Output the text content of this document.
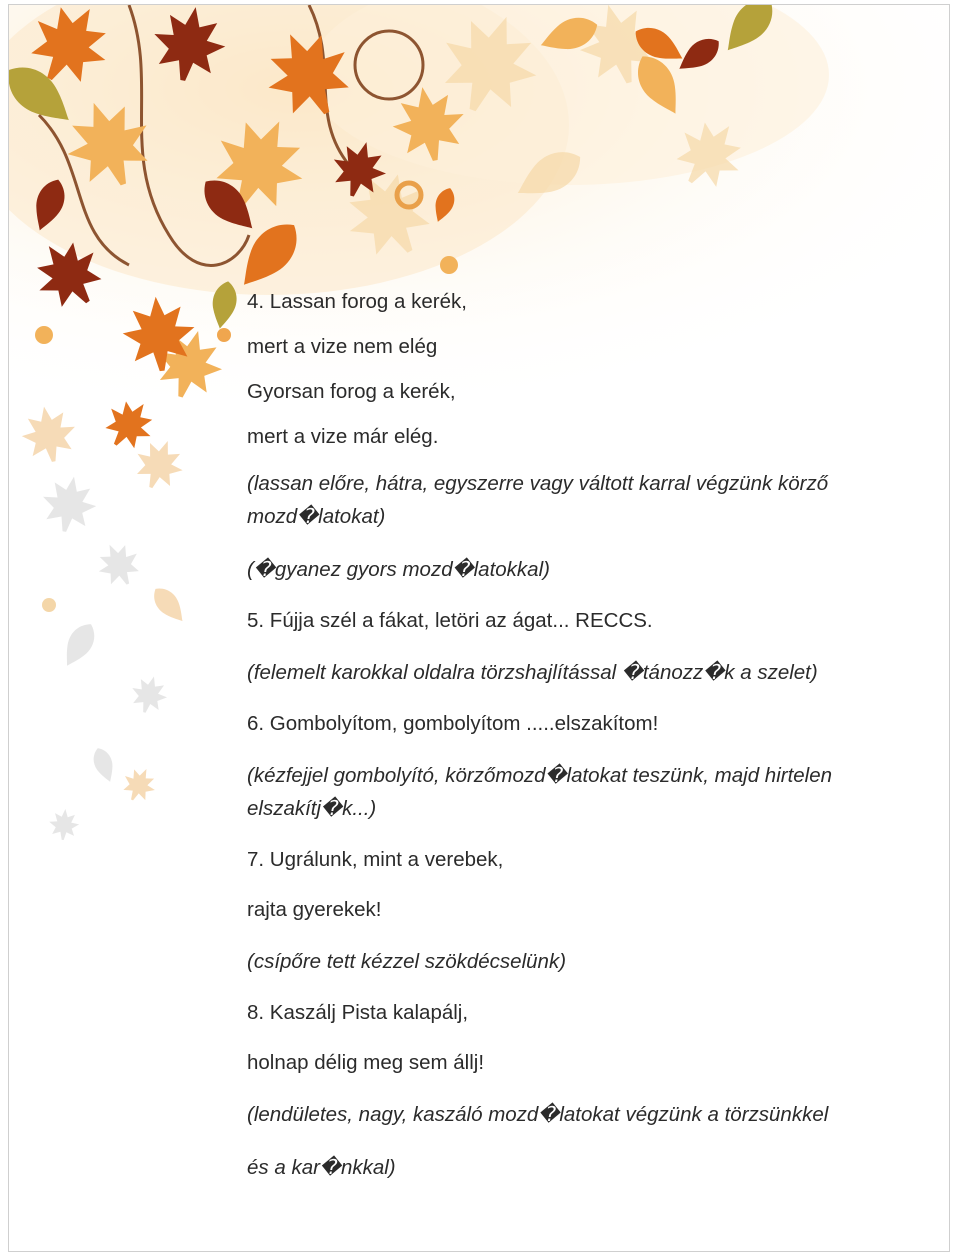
4. Lassan forog a kerék,

mert a vize nem elég

Gyorsan forog a kerék,

mert a vize már elég.

(lassan előre, hátra, egyszerre vagy váltott karral végzünk körző mozd�latokat)

(�gyanez gyors mozd�latokkal)

5. Fújja szél a fákat, letöri az ágat... RECCS.

(felemelt karokkal oldalra törzshajlítással �tánozz�k a szelet)

6. Gombolyítom, gombolyítom .....elszakítom!

(kézfejjel gombolyító, körzőmozd�latokat teszünk, majd hirtelen elszakítj�k...)

7. Ugrálunk, mint a verebek,

rajta gyerekek!

(csípőre tett kézzel szökdécselünk)

8. Kaszálj Pista kalapálj,

holnap délig meg sem állj!

(lendületes, nagy, kaszáló mozd�latokat végzünk a törzsünkkel

és a kar�nkkal)
